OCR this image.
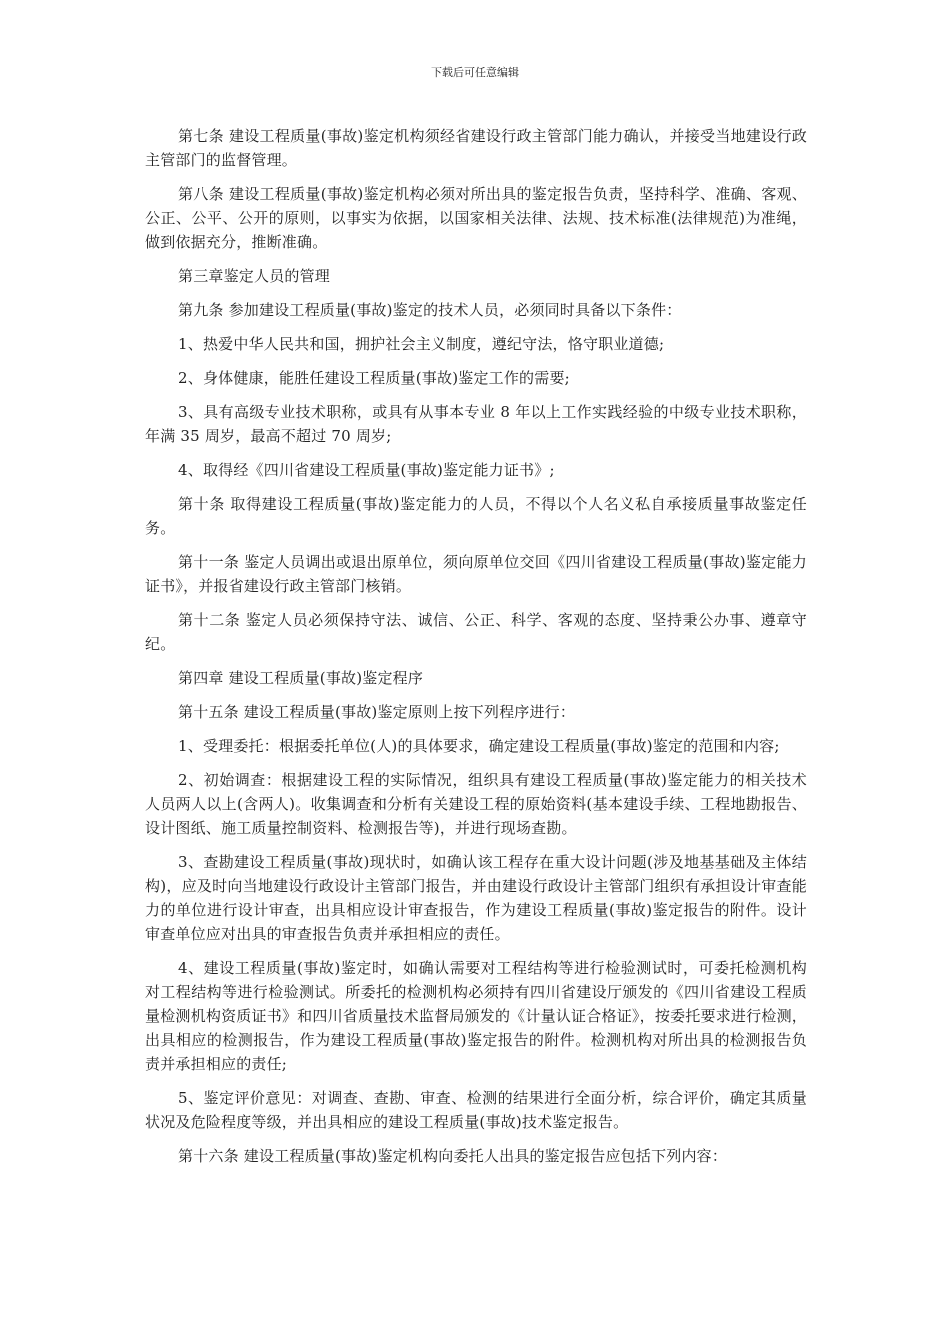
下载后可任意编辑

第七条 建设工程质量(事故)鉴定机构须经省建设行政主管部门能力确认，并接受当地建设行政主管部门的监督管理。

第八条 建设工程质量(事故)鉴定机构必须对所出具的鉴定报告负责，坚持科学、准确、客观、公正、公平、公开的原则，以事实为依据，以国家相关法律、法规、技术标准(法律规范)为准绳，做到依据充分，推断准确。

第三章鉴定人员的管理

第九条 参加建设工程质量(事故)鉴定的技术人员，必须同时具备以下条件：

1、热爱中华人民共和国，拥护社会主义制度，遵纪守法，恪守职业道德;

2、身体健康，能胜任建设工程质量(事故)鉴定工作的需要;

3、具有高级专业技术职称，或具有从事本专业 8 年以上工作实践经验的中级专业技术职称，年满 35 周岁，最高不超过 70 周岁;

4、取得经《四川省建设工程质量(事故)鉴定能力证书》;

第十条 取得建设工程质量(事故)鉴定能力的人员，不得以个人名义私自承接质量事故鉴定任务。

第十一条 鉴定人员调出或退出原单位，须向原单位交回《四川省建设工程质量(事故)鉴定能力证书》，并报省建设行政主管部门核销。

第十二条 鉴定人员必须保持守法、诚信、公正、科学、客观的态度、坚持秉公办事、遵章守纪。

第四章 建设工程质量(事故)鉴定程序

第十五条 建设工程质量(事故)鉴定原则上按下列程序进行：

1、受理委托：根据委托单位(人)的具体要求，确定建设工程质量(事故)鉴定的范围和内容;

2、初始调查：根据建设工程的实际情况，组织具有建设工程质量(事故)鉴定能力的相关技术人员两人以上(含两人)。收集调查和分析有关建设工程的原始资料(基本建设手续、工程地勘报告、设计图纸、施工质量控制资料、检测报告等)，并进行现场查勘。

3、查勘建设工程质量(事故)现状时，如确认该工程存在重大设计问题(涉及地基基础及主体结构)，应及时向当地建设行政设计主管部门报告，并由建设行政设计主管部门组织有承担设计审查能力的单位进行设计审查，出具相应设计审查报告，作为建设工程质量(事故)鉴定报告的附件。设计审查单位应对出具的审查报告负责并承担相应的责任。

4、建设工程质量(事故)鉴定时，如确认需要对工程结构等进行检验测试时，可委托检测机构对工程结构等进行检验测试。所委托的检测机构必须持有四川省建设厅颁发的《四川省建设工程质量检测机构资质证书》和四川省质量技术监督局颁发的《计量认证合格证》，按委托要求进行检测，出具相应的检测报告，作为建设工程质量(事故)鉴定报告的附件。检测机构对所出具的检测报告负责并承担相应的责任;

5、鉴定评价意见：对调查、查勘、审查、检测的结果进行全面分析，综合评价，确定其质量状况及危险程度等级，并出具相应的建设工程质量(事故)技术鉴定报告。

第十六条 建设工程质量(事故)鉴定机构向委托人出具的鉴定报告应包括下列内容：
